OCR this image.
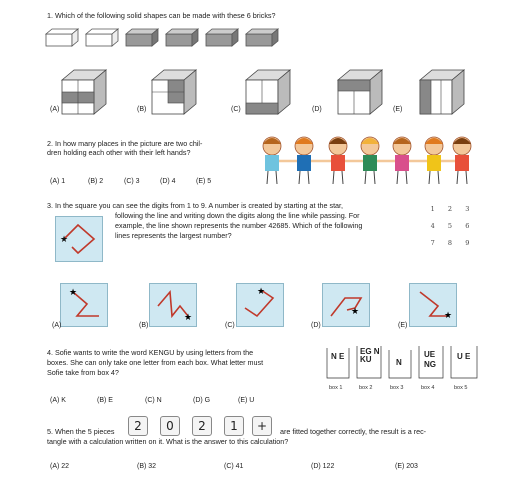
1. Which of the following solid shapes can be made with these 6 bricks?
(A)	(B)	(C)	(D)	(E)
2. In how many places in the picture are two chil-
dren holding each other with their left hands?
(A) 1	(B) 2	(C) 3	(D) 4	(E) 5
3. In the square you can see the digits from 1 to 9. A number is created by starting at the star,
following the line and writing down the digits along the line while passing. For
example, the line shown represents the number 42685. Which of the following
lines represents the largest number?
★
1	2	3
4	5	6
7	8	9
★
★
★
★	★
(A)	(B)	(C)	(D)	(E)
4. Sofie wants to write the word KENGU by using letters from the
boxes. She can only take one letter from each box. What letter must
Sofie take from box 4?
N E
EG N KU	N
UE NG
U E
box 1	box 2	box 3	box 4	box 5
(A) K	(B) E	(C) N	(D) G	(E) U
5. When the 5 pieces	2	0	2	1	+	are fitted together correctly, the result is a rec-
tangle with a calculation written on it. What is the answer to this calculation?
(A) 22	(B) 32	(C) 41	(D) 122	(E) 203
